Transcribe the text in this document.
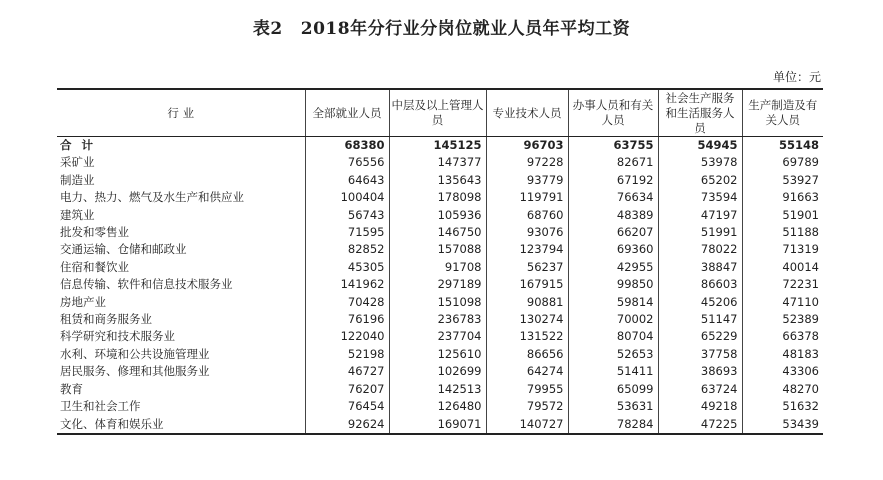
表2 2018年分行业分岗位就业人员年平均工资
单位：元
行 业	全部就业人员	中层及以上管理人员	专业技术人员	办事人员和有关人员	社会生产服务和生活服务人员	生产制造及有关人员
合 计	68380	145125	96703	63755	54945	55148
采矿业	76556	147377	97228	82671	53978	69789
制造业	64643	135643	93779	67192	65202	53927
电力、热力、燃气及水生产和供应业	100404	178098	119791	76634	73594	91663
建筑业	56743	105936	68760	48389	47197	51901
批发和零售业	71595	146750	93076	66207	51991	51188
交通运输、仓储和邮政业	82852	157088	123794	69360	78022	71319
住宿和餐饮业	45305	91708	56237	42955	38847	40014
信息传输、软件和信息技术服务业	141962	297189	167915	99850	86603	72231
房地产业	70428	151098	90881	59814	45206	47110
租赁和商务服务业	76196	236783	130274	70002	51147	52389
科学研究和技术服务业	122040	237704	131522	80704	65229	66378
水利、环境和公共设施管理业	52198	125610	86656	52653	37758	48183
居民服务、修理和其他服务业	46727	102699	64274	51411	38693	43306
教育	76207	142513	79955	65099	63724	48270
卫生和社会工作	76454	126480	79572	53631	49218	51632
文化、体育和娱乐业	92624	169071	140727	78284	47225	53439
